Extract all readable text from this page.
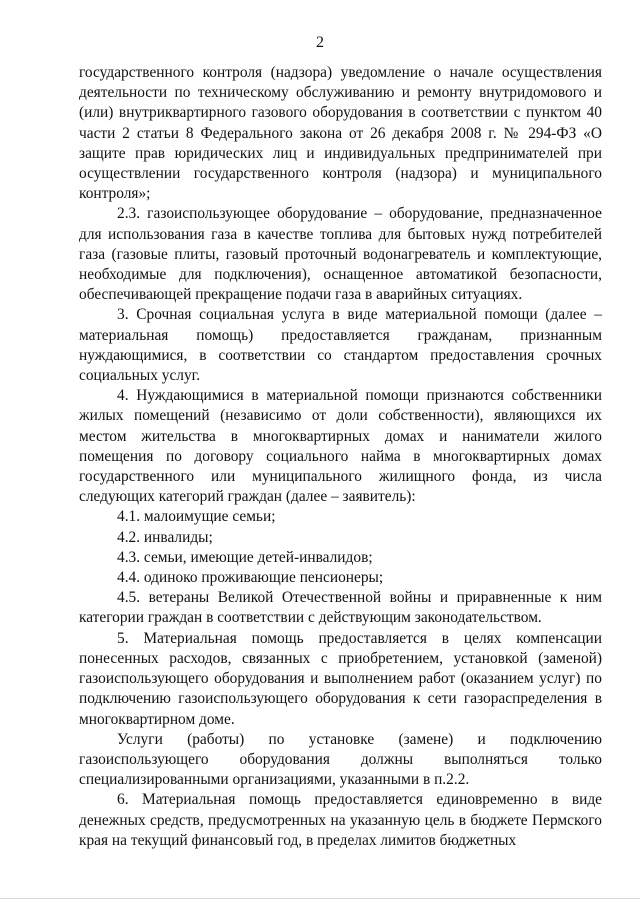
2

государственного контроля (надзора) уведомление о начале осуществления деятельности по техническому обслуживанию и ремонту внутридомового и (или) внутриквартирного газового оборудования в соответствии с пунктом 40 части 2 статьи 8 Федерального закона от 26 декабря 2008 г. № 294-ФЗ «О защите прав юридических лиц и индивидуальных предпринимателей при осуществлении государственного контроля (надзора) и муниципального контроля»;

2.3. газоиспользующее оборудование – оборудование, предназначенное для использования газа в качестве топлива для бытовых нужд потребителей газа (газовые плиты, газовый проточный водонагреватель и комплектующие, необходимые для подключения), оснащенное автоматикой безопасности, обеспечивающей прекращение подачи газа в аварийных ситуациях.

3. Срочная социальная услуга в виде материальной помощи (далее – материальная помощь) предоставляется гражданам, признанным нуждающимися, в соответствии со стандартом предоставления срочных социальных услуг.

4. Нуждающимися в материальной помощи признаются собственники жилых помещений (независимо от доли собственности), являющихся их местом жительства в многоквартирных домах и наниматели жилого помещения по договору социального найма в многоквартирных домах государственного или муниципального жилищного фонда, из числа следующих категорий граждан (далее – заявитель):

4.1. малоимущие семьи;

4.2. инвалиды;

4.3. семьи, имеющие детей-инвалидов;

4.4. одиноко проживающие пенсионеры;

4.5. ветераны Великой Отечественной войны и приравненные к ним категории граждан в соответствии с действующим законодательством.

5. Материальная помощь предоставляется в целях компенсации понесенных расходов, связанных с приобретением, установкой (заменой) газоиспользующего оборудования и выполнением работ (оказанием услуг) по подключению газоиспользующего оборудования к сети газораспределения в многоквартирном доме.

Услуги (работы) по установке (замене) и подключению газоиспользующего оборудования должны выполняться только специализированными организациями, указанными в п.2.2.

6. Материальная помощь предоставляется единовременно в виде денежных средств, предусмотренных на указанную цель в бюджете Пермского края на текущий финансовый год, в пределах лимитов бюджетных
